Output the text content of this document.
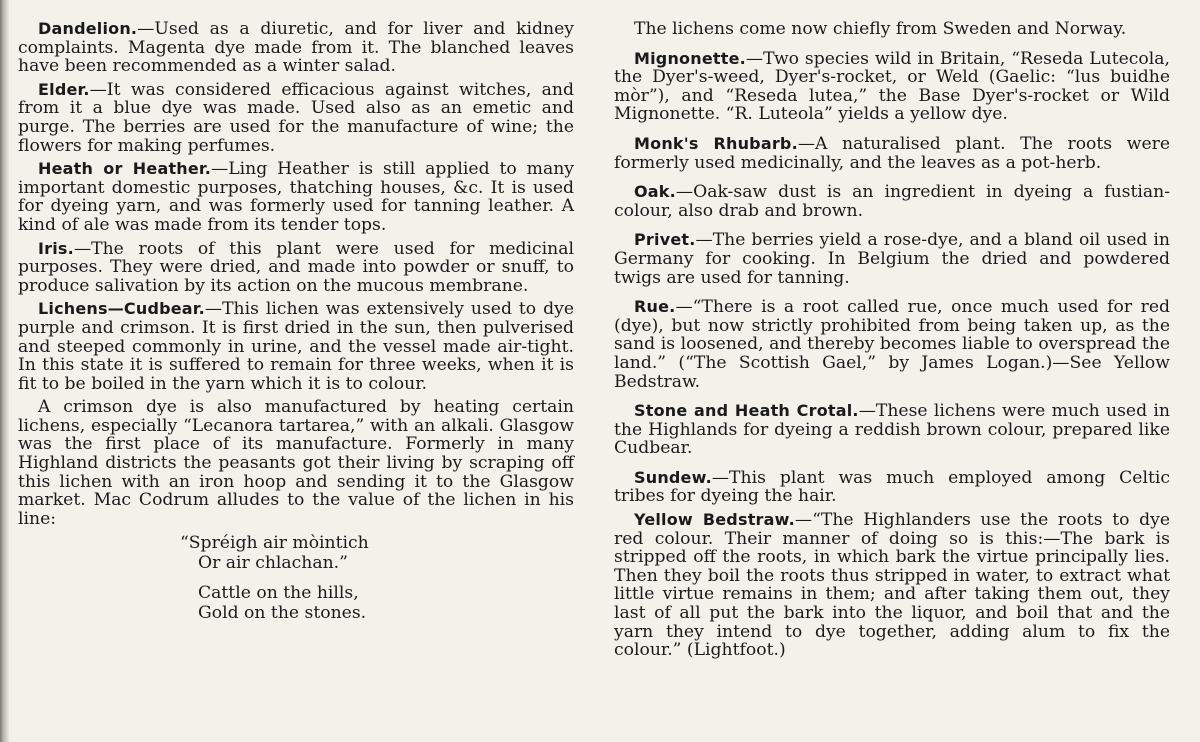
Dandelion.—Used as a diuretic, and for liver and kidney complaints. Magenta dye made from it. The blanched leaves have been recommended as a winter salad.

Elder.—It was considered efficacious against witches, and from it a blue dye was made. Used also as an emetic and purge. The berries are used for the manufacture of wine; the flowers for making perfumes.

Heath or Heather.—Ling Heather is still applied to many important domestic purposes, thatching houses, &c. It is used for dyeing yarn, and was formerly used for tanning leather. A kind of ale was made from its tender tops.

Iris.—The roots of this plant were used for medicinal purposes. They were dried, and made into powder or snuff, to produce salivation by its action on the mucous membrane.

Lichens—Cudbear.—This lichen was extensively used to dye purple and crimson. It is first dried in the sun, then pulverised and steeped commonly in urine, and the vessel made air-tight. In this state it is suffered to remain for three weeks, when it is fit to be boiled in the yarn which it is to colour.

A crimson dye is also manufactured by heating certain lichens, especially “Lecanora tartarea,” with an alkali. Glasgow was the first place of its manufacture. Formerly in many Highland districts the peasants got their living by scraping off this lichen with an iron hoop and sending it to the Glasgow market. Mac Codrum alludes to the value of the lichen in his line:

“Spréigh air mòintich
Or air chlachan.”
Cattle on the hills,
Gold on the stones.

The lichens come now chiefly from Sweden and Norway.

Mignonette.—Two species wild in Britain, “Reseda Lutecola, the Dyer's-weed, Dyer's-rocket, or Weld (Gaelic: “lus buidhe mòr”), and “Reseda lutea,” the Base Dyer's-rocket or Wild Mignonette. “R. Luteola” yields a yellow dye.

Monk's Rhubarb.—A naturalised plant. The roots were formerly used medicinally, and the leaves as a pot-herb.

Oak.—Oak-saw dust is an ingredient in dyeing a fustian-colour, also drab and brown.

Privet.—The berries yield a rose-dye, and a bland oil used in Germany for cooking. In Belgium the dried and powdered twigs are used for tanning.

Rue.—“There is a root called rue, once much used for red (dye), but now strictly prohibited from being taken up, as the sand is loosened, and thereby becomes liable to overspread the land.” (“The Scottish Gael,” by James Logan.)—See Yellow Bedstraw.

Stone and Heath Crotal.—These lichens were much used in the Highlands for dyeing a reddish brown colour, prepared like Cudbear.

Sundew.—This plant was much employed among Celtic tribes for dyeing the hair.

Yellow Bedstraw.—“The Highlanders use the roots to dye red colour. Their manner of doing so is this:—The bark is stripped off the roots, in which bark the virtue principally lies. Then they boil the roots thus stripped in water, to extract what little virtue remains in them; and after taking them out, they last of all put the bark into the liquor, and boil that and the yarn they intend to dye together, adding alum to fix the colour.” (Lightfoot.)
